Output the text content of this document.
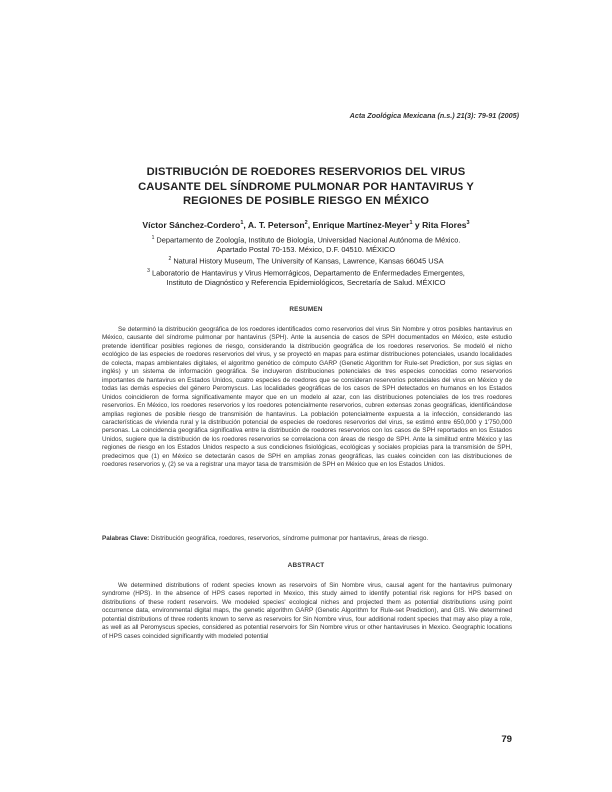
Acta Zoológica Mexicana (n.s.) 21(3): 79-91 (2005)
DISTRIBUCIÓN DE ROEDORES RESERVORIOS DEL VIRUS
CAUSANTE DEL SÍNDROME PULMONAR POR HANTAVIRUS Y
REGIONES DE POSIBLE RIESGO EN MÉXICO
Víctor Sánchez-Cordero$^1$, A. T. Peterson$^2$, Enrique Martínez-Meyer$^1$ y Rita Flores$^3$
$^1$ Departamento de Zoología, Instituto de Biología, Universidad Nacional Autónoma de México.
Apartado Postal 70-153. México, D.F. 04510. MÉXICO
$^2$ Natural History Museum, The University of Kansas, Lawrence, Kansas 66045 USA
$^3$ Laboratorio de Hantavirus y Virus Hemorrágicos, Departamento de Enfermedades Emergentes,
Instituto de Diagnóstico y Referencia Epidemiológicos, Secretaría de Salud. MÉXICO
RESUMEN

Se determinó la distribución geográfica de los roedores identificados como reservorios del virus Sin Nombre y otros posibles hantavirus en México, causante del síndrome pulmonar por hantavirus (SPH). Ante la ausencia de casos de SPH documentados en México, este estudio pretende identificar posibles regiones de riesgo, considerando la distribución geográfica de los roedores reservorios. Se modeló el nicho ecológico de las especies de roedores reservorios del virus, y se proyectó en mapas para estimar distribuciones potenciales, usando localidades de colecta, mapas ambientales digitales, el algoritmo genético de cómputo GARP (Genetic Algorithm for Rule-set Prediction, por sus siglas en inglés) y un sistema de información geográfica. Se incluyeron distribuciones potenciales de tres especies conocidas como reservorios importantes de hantavirus en Estados Unidos, cuatro especies de roedores que se consideran reservorios potenciales del virus en México y de todas las demás especies del género Peromyscus. Las localidades geográficas de los casos de SPH detectados en humanos en los Estados Unidos coincidieron de forma significativamente mayor que en un modelo al azar, con las distribuciones potenciales de los tres roedores reservorios. En México, los roedores reservorios y los roedores potencialmente reservorios, cubren extensas zonas geográficas, identificándose amplias regiones de posible riesgo de transmisión de hantavirus. La población potencialmente expuesta a la infección, considerando las características de vivienda rural y la distribución potencial de especies de roedores reservorios del virus, se estimó entre 650,000 y 1'750,000 personas. La coincidencia geográfica significativa entre la distribución de roedores reservorios con los casos de SPH reportados en los Estados Unidos, sugiere que la distribución de los roedores reservorios se correlaciona con áreas de riesgo de SPH. Ante la similitud entre México y las regiones de riesgo en los Estados Unidos respecto a sus condiciones fisiológicas, ecológicas y sociales propicias para la transmisión de SPH, predecimos que (1) en México se detectarán casos de SPH en amplias zonas geográficas, las cuales coinciden con las distribuciones de roedores reservorios y, (2) se va a registrar una mayor tasa de transmisión de SPH en México que en los Estados Unidos.

Palabras Clave: Distribución geográfica, roedores, reservorios, síndrome pulmonar por hantavirus, áreas de riesgo.
ABSTRACT

We determined distributions of rodent species known as reservoirs of Sin Nombre virus, causal agent for the hantavirus pulmonary syndrome (HPS). In the absence of HPS cases reported in Mexico, this study aimed to identify potential risk regions for HPS based on distributions of these rodent reservoirs. We modeled species' ecological niches and projected them as potential distributions using point occurrence data, environmental digital maps, the genetic algorithm GARP (Genetic Algorithm for Rule-set Prediction), and GIS. We determined potential distributions of three rodents known to serve as reservoirs for Sin Nombre virus, four additional rodent species that may also play a role, as well as all Peromyscus species, considered as potential reservoirs for Sin Nombre virus or other hantaviruses in Mexico. Geographic locations of HPS cases coincided significantly with modeled potential

79
